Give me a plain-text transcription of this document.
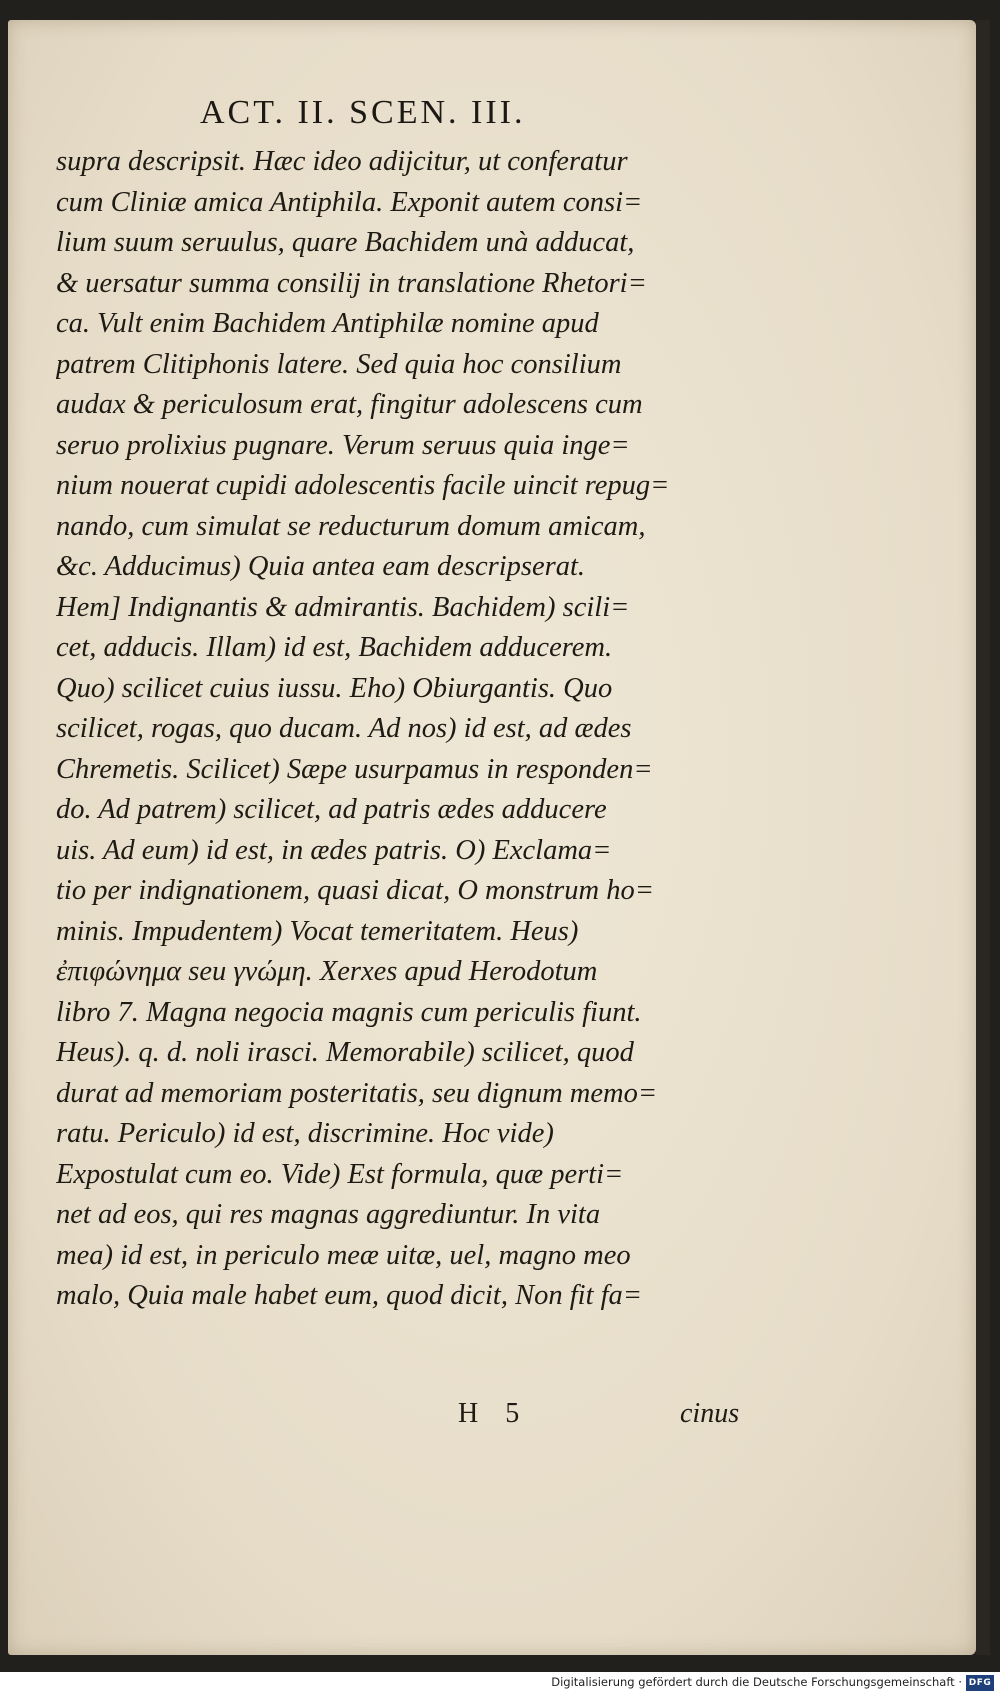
ACT. II. SCEN. III.
supra descripsit. Hæc ideo adijcitur, ut conferatur
cum Cliniæ amica Antiphila. Exponit autem consi=
lium suum seruulus, quare Bachidem unà adducat,
& uersatur summa consilij in translatione Rhetori=
ca. Vult enim Bachidem Antiphilæ nomine apud
patrem Clitiphonis latere. Sed quia hoc consilium
audax & periculosum erat, fingitur adolescens cum
seruo prolixius pugnare. Verum seruus quia inge=
nium nouerat cupidi adolescentis facile uincit repug=
nando, cum simulat se reducturum domum amicam,
&c. Adducimus) Quia antea eam descripserat.
Hem] Indignantis & admirantis. Bachidem) scili=
cet, adducis. Illam) id est, Bachidem adducerem.
Quo) scilicet cuius iussu. Eho) Obiurgantis. Quo
scilicet, rogas, quo ducam. Ad nos) id est, ad ædes
Chremetis. Scilicet) Sæpe usurpamus in responden=
do. Ad patrem) scilicet, ad patris ædes adducere
uis. Ad eum) id est, in ædes patris. O) Exclama=
tio per indignationem, quasi dicat, O monstrum ho=
minis. Impudentem) Vocat temeritatem. Heus)
ἐπιφώνημα seu γνώμη. Xerxes apud Herodotum
libro 7. Magna negocia magnis cum periculis fiunt.
Heus). q. d. noli irasci. Memorabile) scilicet, quod
durat ad memoriam posteritatis, seu dignum memo=
ratu. Periculo) id est, discrimine. Hoc vide)
Expostulat cum eo. Vide) Est formula, quæ perti=
net ad eos, qui res magnas aggrediuntur. In vita
mea) id est, in periculo meæ uitæ, uel, magno meo
malo, Quia male habet eum, quod dicit, Non fit fa=
H 5	cinus
Digitalisierung gefördert durch die Deutsche Forschungsgemeinschaft · DFG
